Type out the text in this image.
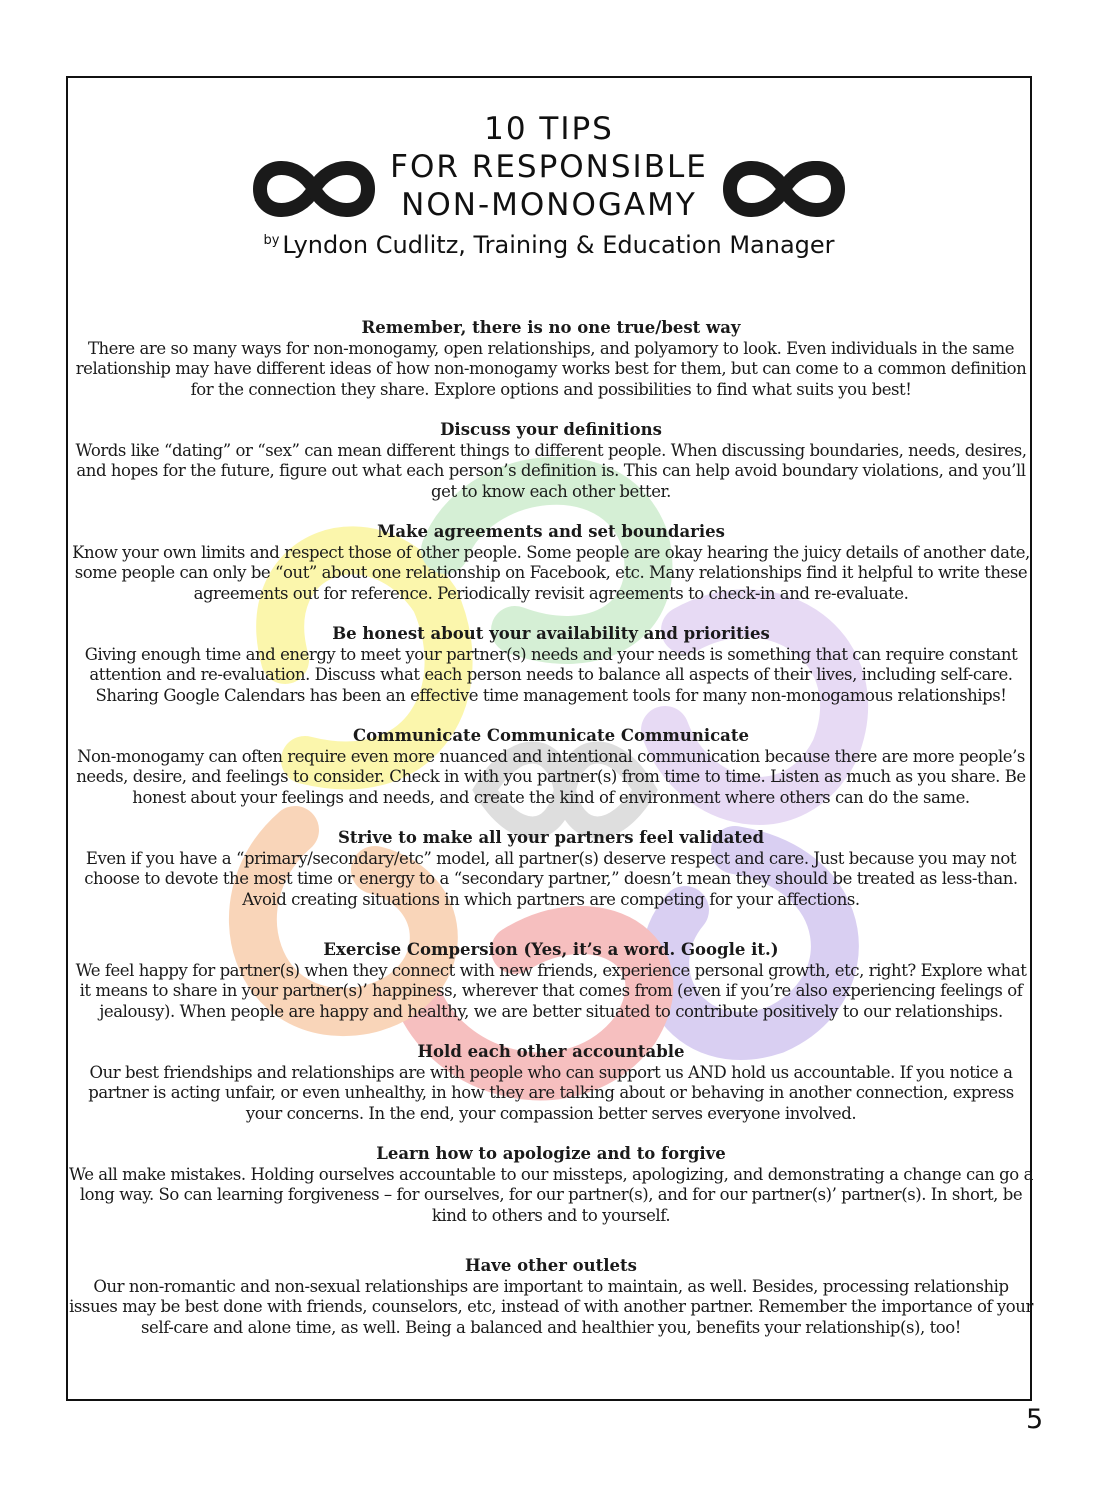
10 TIPS
FOR RESPONSIBLE
NON-MONOGAMY
$^{by}$ Lyndon Cudlitz, Training & Education Manager
Remember, there is no one true/best way

There are so many ways for non-monogamy, open relationships, and polyamory to look. Even individuals in the same relationship may have different ideas of how non-monogamy works best for them, but can come to a common definition for the connection they share. Explore options and possibilities to find what suits you best!

Discuss your definitions

Words like “dating” or “sex” can mean different things to different people. When discussing boundaries, needs, desires, and hopes for the future, figure out what each person’s definition is. This can help avoid boundary violations, and you’ll get to know each other better.

Make agreements and set boundaries

Know your own limits and respect those of other people. Some people are okay hearing the juicy details of another date, some people can only be “out” about one relationship on Facebook, etc. Many relationships find it helpful to write these agreements out for reference. Periodically revisit agreements to check-in and re-evaluate.

Be honest about your availability and priorities

Giving enough time and energy to meet your partner(s) needs and your needs is something that can require constant attention and re-evaluation. Discuss what each person needs to balance all aspects of their lives, including self-care. Sharing Google Calendars has been an effective time management tools for many non-monogamous relationships!

Communicate Communicate Communicate

Non-monogamy can often require even more nuanced and intentional communication because there are more people’s needs, desire, and feelings to consider. Check in with you partner(s) from time to time. Listen as much as you share. Be honest about your feelings and needs, and create the kind of environment where others can do the same.

Strive to make all your partners feel validated

Even if you have a “primary/secondary/etc” model, all partner(s) deserve respect and care. Just because you may not choose to devote the most time or energy to a “secondary partner,” doesn’t mean they should be treated as less-than. Avoid creating situations in which partners are competing for your affections.

Exercise Compersion (Yes, it’s a word. Google it.)

We feel happy for partner(s) when they connect with new friends, experience personal growth, etc, right? Explore what it means to share in your partner(s)’ happiness, wherever that comes from (even if you’re also experiencing feelings of jealousy). When people are happy and healthy, we are better situated to contribute positively to our relationships.

Hold each other accountable

Our best friendships and relationships are with people who can support us AND hold us accountable. If you notice a partner is acting unfair, or even unhealthy, in how they are talking about or behaving in another connection, express your concerns. In the end, your compassion better serves everyone involved.

Learn how to apologize and to forgive

We all make mistakes. Holding ourselves accountable to our missteps, apologizing, and demonstrating a change can go a long way. So can learning forgiveness – for ourselves, for our partner(s), and for our partner(s)’ partner(s). In short, be kind to others and to yourself.

Have other outlets

Our non-romantic and non-sexual relationships are important to maintain, as well. Besides, processing relationship issues may be best done with friends, counselors, etc, instead of with another partner. Remember the importance of your self-care and alone time, as well. Being a balanced and healthier you, benefits your relationship(s), too!

5
